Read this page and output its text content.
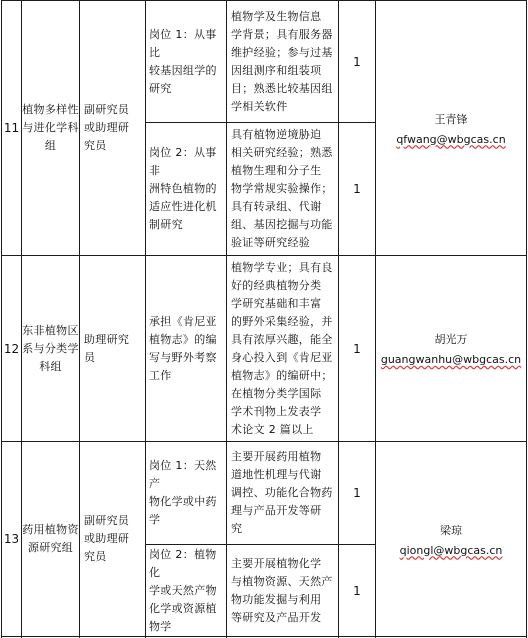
11
植物多样性
与进化学科
组
副研究员
或助理研
究员
岗位 1：从事比
较基因组学的
研究
植物学及生物信息
学背景；具有服务器
维护经验；参与过基
因组测序和组装项
目；熟悉比较基因组
学相关软件
1
岗位 2：从事非
洲特色植物的
适应性进化机
制研究
具有植物逆境胁迫
相关研究经验；熟悉
植物生理和分子生
物学常规实验操作；
具有转录组、代谢
组、基因挖掘与功能
验证等研究经验
1
王青锋
qfwang@wbgcas.cn
12
东非植物区
系与分类学
科组
助理研究
员
承担《肯尼亚
植物志》的编
写与野外考察
工作
植物学专业；具有良
好的经典植物分类
学研究基础和丰富
的野外采集经验，并
具有浓厚兴趣，能全
身心投入到《肯尼亚
植物志》的编研中；
在植物分类学国际
学术刊物上发表学
术论文 2 篇以上
1
胡光万
guangwanhu@wbgcas.cn
13
药用植物资
源研究组
副研究员
或助理研
究员
岗位 1：天然产
物化学或中药
学
主要开展药用植物
道地性机理与代谢
调控、功能化合物药
理与产品开发等研
究
1
岗位 2：植物化
学或天然产物
化学或资源植
物学
主要开展植物化学
与植物资源、天然产
物功能发掘与利用
等研究及产品开发
1
梁琼
qiongl@wbgcas.cn
